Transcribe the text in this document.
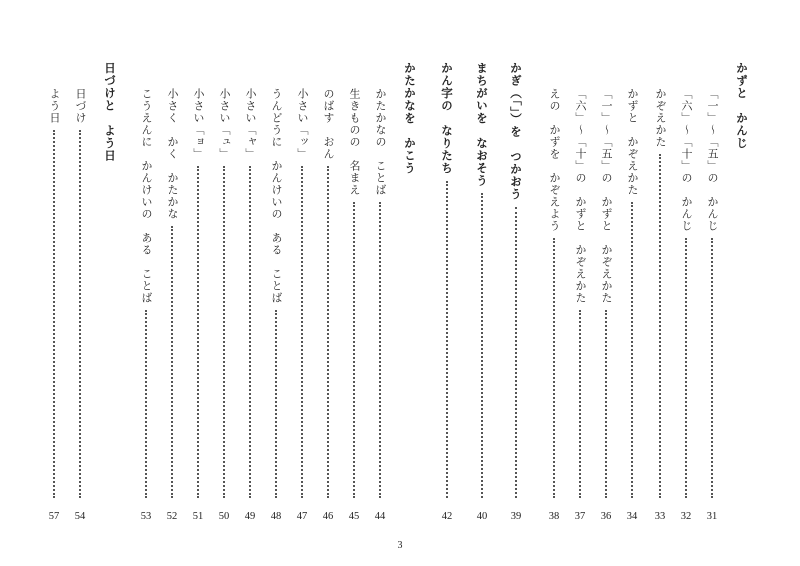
かずと　かんじ
「一」〜「五」の　かんじ
31
「六」〜「十」の　かんじ
32
かぞえかた
33
かずと　かぞえかた
34
「一」〜「五」の　かずと　かぞえかた
36
「六」〜「十」の　かずと　かぞえかた
37
えの　かずを　かぞえよう
38
かぎ（「」）を　つかおう
39
まちがいを　なおそう
40
かん字の　なりたち
42
かたかなを　かこう
かたかなの　ことば
44
生きものの　名まえ
45
のばす　おん
46
小さい「ッ」
47
うんどうに　かんけいの　ある　ことば
48
小さい「ャ」
49
小さい「ュ」
50
小さい「ョ」
51
小さく　かく　かたかな
52
こうえんに　かんけいの　ある　ことば
53
日づけと　よう日
日づけ
54
よう日
57
3
